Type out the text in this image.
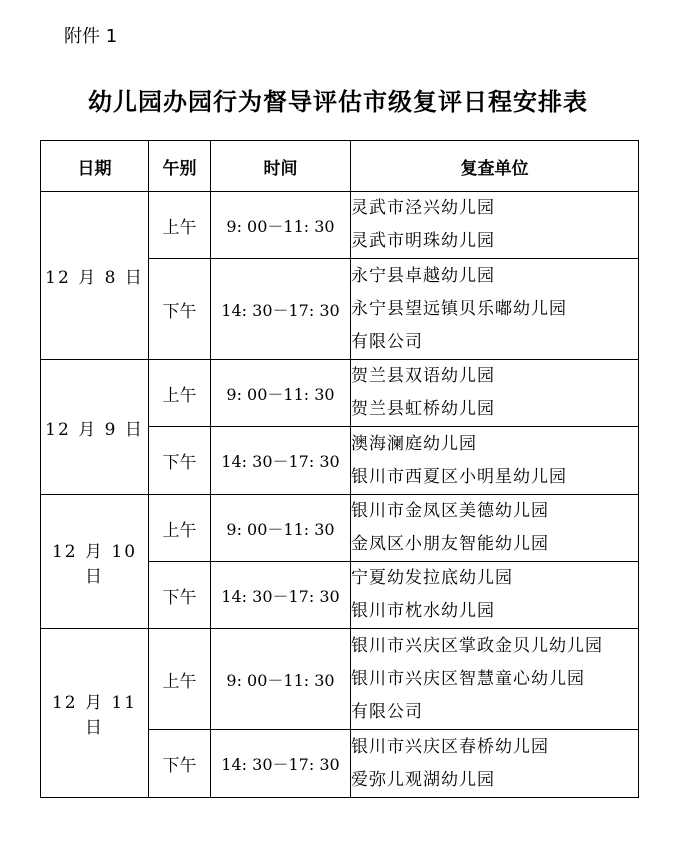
附件 1
幼儿园办园行为督导评估市级复评日程安排表
日期	午别	时间	复查单位
12 月 8 日	上午	9: 00－11: 30	灵武市泾兴幼儿园
灵武市明珠幼儿园

	下午	14: 30－17: 30	永宁县卓越幼儿园
永宁县望远镇贝乐嘟幼儿园
有限公司

12 月 9 日	上午	9: 00－11: 30	贺兰县双语幼儿园
贺兰县虹桥幼儿园

	下午	14: 30－17: 30	澳海澜庭幼儿园
银川市西夏区小明星幼儿园

12 月 10 日	上午	9: 00－11: 30	银川市金凤区美德幼儿园
金凤区小朋友智能幼儿园

	下午	14: 30－17: 30	宁夏幼发拉底幼儿园
银川市枕水幼儿园

12 月 11 日	上午	9: 00－11: 30	银川市兴庆区掌政金贝儿幼儿园
银川市兴庆区智慧童心幼儿园
有限公司

	下午	14: 30－17: 30	银川市兴庆区春桥幼儿园
爱弥儿观湖幼儿园
